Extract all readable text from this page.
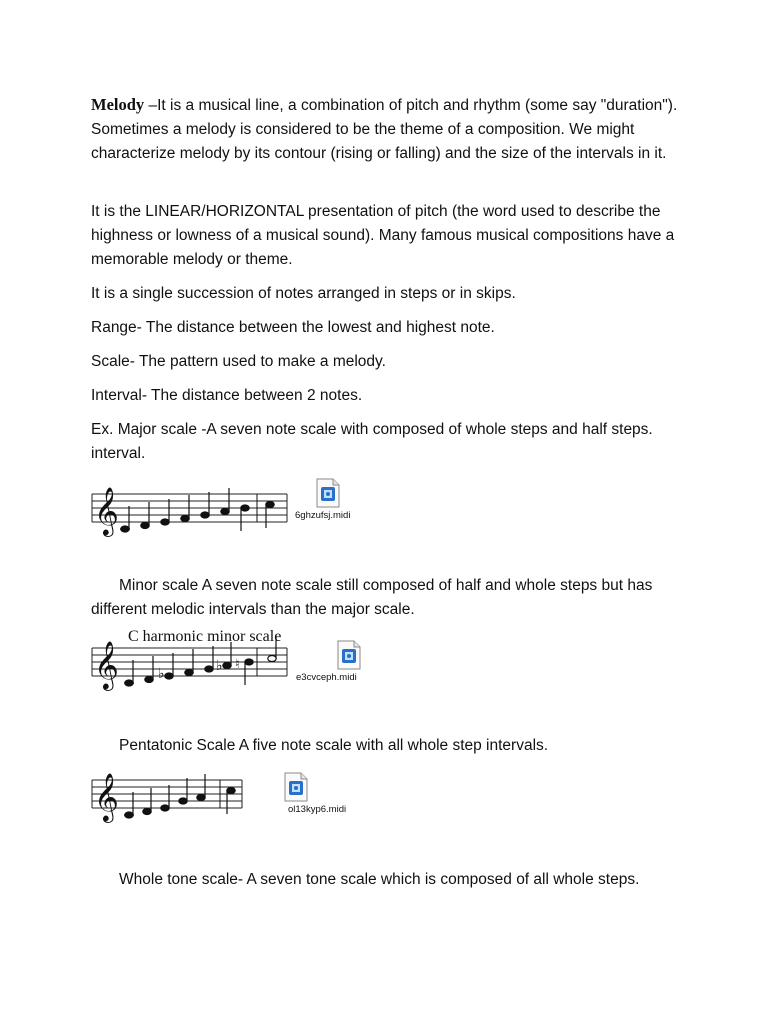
Melody –It is a musical line, a combination of pitch and rhythm (some say "duration"). Sometimes a melody is considered to be the theme of a composition. We might characterize melody by its contour (rising or falling) and the size of the intervals in it.

It is the LINEAR/HORIZONTAL presentation of pitch (the word used to describe the highness or lowness of a musical sound). Many famous musical compositions have a memorable melody or theme.

It is a single succession of notes arranged in steps or in skips.

Range- The distance between the lowest and highest note.

Scale- The pattern used to make a melody.

Interval- The distance between 2 notes.

Ex. Major scale -A seven note scale with composed of whole steps and half steps. interval.

𝄞	6ghzufsj.midi

Minor scale A seven note scale still composed of half and whole steps but has different melodic intervals than the major scale.

C harmonic minor scale
𝄞	♭	♭ ♮
e3cvceph.midi

Pentatonic Scale A five note scale with all whole step intervals.

𝄞	ol13kyp6.midi

Whole tone scale- A seven tone scale which is composed of all whole steps.
